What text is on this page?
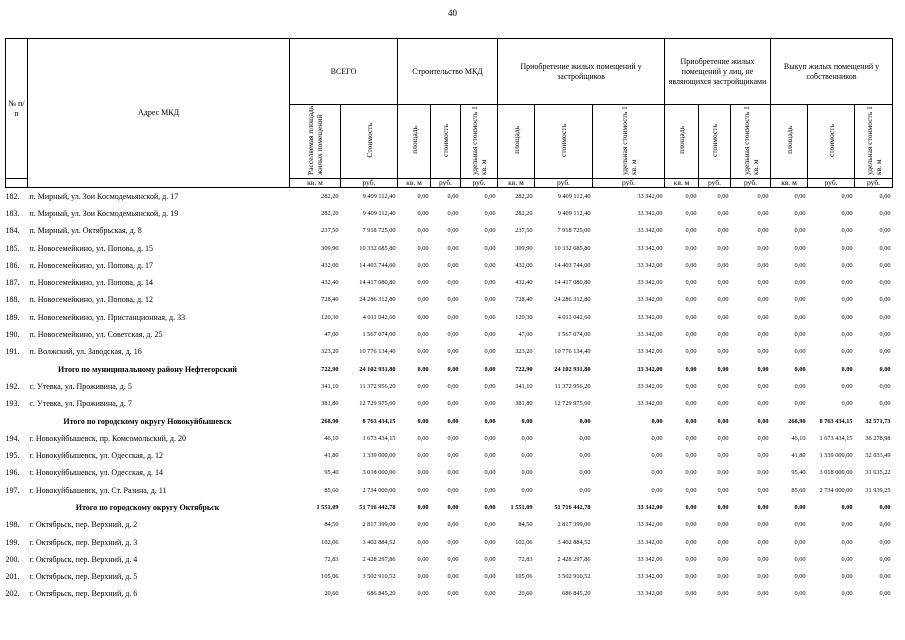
40
№ п/п	Адрес МКД	ВСЕГО		Строительство МКД			Приобретение жилых помещений у застройщиков			Приобретение жилых помещений у лиц, не являющихся застройщиками			Выкуп жилых помещений у собственников		
		Расселяемая площадь жилых помещений	Стоимость	площадь	стоимость	удельная стоимость 1 кв. м	площадь	стоимость	удельная стоимость 1 кв. м	площадь	стоимость	удельная стоимость 1 кв. м	площадь	стоимость	удельная стоимость 1 кв. м
		кв. м	руб.	кв. м	руб.	руб.	кв. м	руб.	руб.	кв. м	руб.	руб.	кв. м	руб.	руб.
182.	п. Мирный, ул. Зои Космодемьянской, д. 17	282,20	9 409 112,40	0,00	0,00	0,00	282,20	9 409 112,40	33 342,00	0,00	0,00	0,00	0,00	0,00	0,00
183.	п. Мирный, ул. Зои Космодемьянской, д. 19	282,20	9 409 112,40	0,00	0,00	0,00	282,20	9 409 112,40	33 342,00	0,00	0,00	0,00	0,00	0,00	0,00
184.	п. Мирный, ул. Октябрьская, д. 8	237,50	7 918 725,00	0,00	0,00	0,00	237,50	7 918 725,00	33 342,00	0,00	0,00	0,00	0,00	0,00	0,00
185.	п. Новосемейкино, ул. Попова, д. 15	309,90	10 332 685,80	0,00	0,00	0,00	309,90	10 332 685,80	33 342,00	0,00	0,00	0,00	0,00	0,00	0,00
186.	п. Новосемейкино, ул. Попова, д. 17	432,00	14 403 744,00	0,00	0,00	0,00	432,00	14 403 744,00	33 342,00	0,00	0,00	0,00	0,00	0,00	0,00
187.	п. Новосемейкино, ул. Попова, д. 14	432,40	14 417 080,80	0,00	0,00	0,00	432,40	14 417 080,80	33 342,00	0,00	0,00	0,00	0,00	0,00	0,00
188.	п. Новосемейкино, ул. Попова, д. 12	728,40	24 286 312,80	0,00	0,00	0,00	728,40	24 286 312,80	33 342,00	0,00	0,00	0,00	0,00	0,00	0,00
189.	п. Новосемейкино, ул. Пристанционная, д. 33	120,30	4 011 042,60	0,00	0,00	0,00	120,30	4 011 042,60	33 342,00	0,00	0,00	0,00	0,00	0,00	0,00
190.	п. Новосемейкино, ул. Советская, д. 25	47,00	1 567 074,00	0,00	0,00	0,00	47,00	1 567 074,00	33 342,00	0,00	0,00	0,00	0,00	0,00	0,00
191.	п. Волжский, ул. Заводская, д. 16	323,20	10 776 134,40	0,00	0,00	0,00	323,20	10 776 134,40	33 342,00	0,00	0,00	0,00	0,00	0,00	0,00
Итого по муниципальному району Нефтегорский		722,90	24 102 931,80	0,00	0,00	0,00	722,90	24 102 931,80	33 342,00	0,00	0,00	0,00	0,00	0,00	0,00
192.	с. Утевка, ул. Проживина, д. 5	341,10	11 372 956,20	0,00	0,00	0,00	341,10	11 372 956,20	33 342,00	0,00	0,00	0,00	0,00	0,00	0,00
193.	с. Утевка, ул. Проживина, д. 7	381,80	12 729 975,60	0,00	0,00	0,00	381,80	12 729 975,60	33 342,00	0,00	0,00	0,00	0,00	0,00	0,00
Итого по городскому округу Новокуйбышевск		268,90	8 763 434,15	0,00	0,00	0,00	0,00	0,00	0,00	0,00	0,00	0,00	268,90	8 763 434,15	32 571,73
194.	г. Новокуйбышевск, пр. Комсомольский, д. 20	46,10	1 673 434,15	0,00	0,00	0,00	0,00	0,00	0,00	0,00	0,00	0,00	46,10	1 673 434,15	36 278,98
195.	г. Новокуйбышевск, ул. Одесская, д. 12	41,80	1 339 000,00	0,00	0,00	0,00	0,00	0,00	0,00	0,00	0,00	0,00	41,80	1 339 000,00	32 033,49
196.	г. Новокуйбышевск, ул. Одесская, д. 14	95,40	3 018 000,00	0,00	0,00	0,00	0,00	0,00	0,00	0,00	0,00	0,00	95,40	3 018 000,00	31 635,22
197.	г. Новокуйбышевск, ул. Ст. Разина, д. 11	85,60	2 734 000,00	0,00	0,00	0,00	0,00	0,00	0,00	0,00	0,00	0,00	85,60	2 734 000,00	31 939,25
Итого по городскому округу Октябрьск		1 551,09	51 716 442,78	0,00	0,00	0,00	1 551,09	51 716 442,78	33 342,00	0,00	0,00	0,00	0,00	0,00	0,00
198.	г. Октябрьск, пер. Верхний, д. 2	84,50	2 817 399,00	0,00	0,00	0,00	84,50	2 817 399,00	33 342,00	0,00	0,00	0,00	0,00	0,00	0,00
199.	г. Октябрьск, пер. Верхний, д. 3	102,06	3 402 884,52	0,00	0,00	0,00	102,06	3 402 884,52	33 342,00	0,00	0,00	0,00	0,00	0,00	0,00
200.	г. Октябрьск, пер. Верхний, д. 4	72,83	2 428 297,86	0,00	0,00	0,00	72,83	2 428 297,86	33 342,00	0,00	0,00	0,00	0,00	0,00	0,00
201.	г. Октябрьск, пер. Верхний, д. 5	105,06	3 502 910,52	0,00	0,00	0,00	105,06	3 502 910,52	33 342,00	0,00	0,00	0,00	0,00	0,00	0,00
202.	г. Октябрьск, пер. Верхний, д. 6	20,60	686 845,20	0,00	0,00	0,00	20,60	686 845,20	33 342,00	0,00	0,00	0,00	0,00	0,00	0,00
